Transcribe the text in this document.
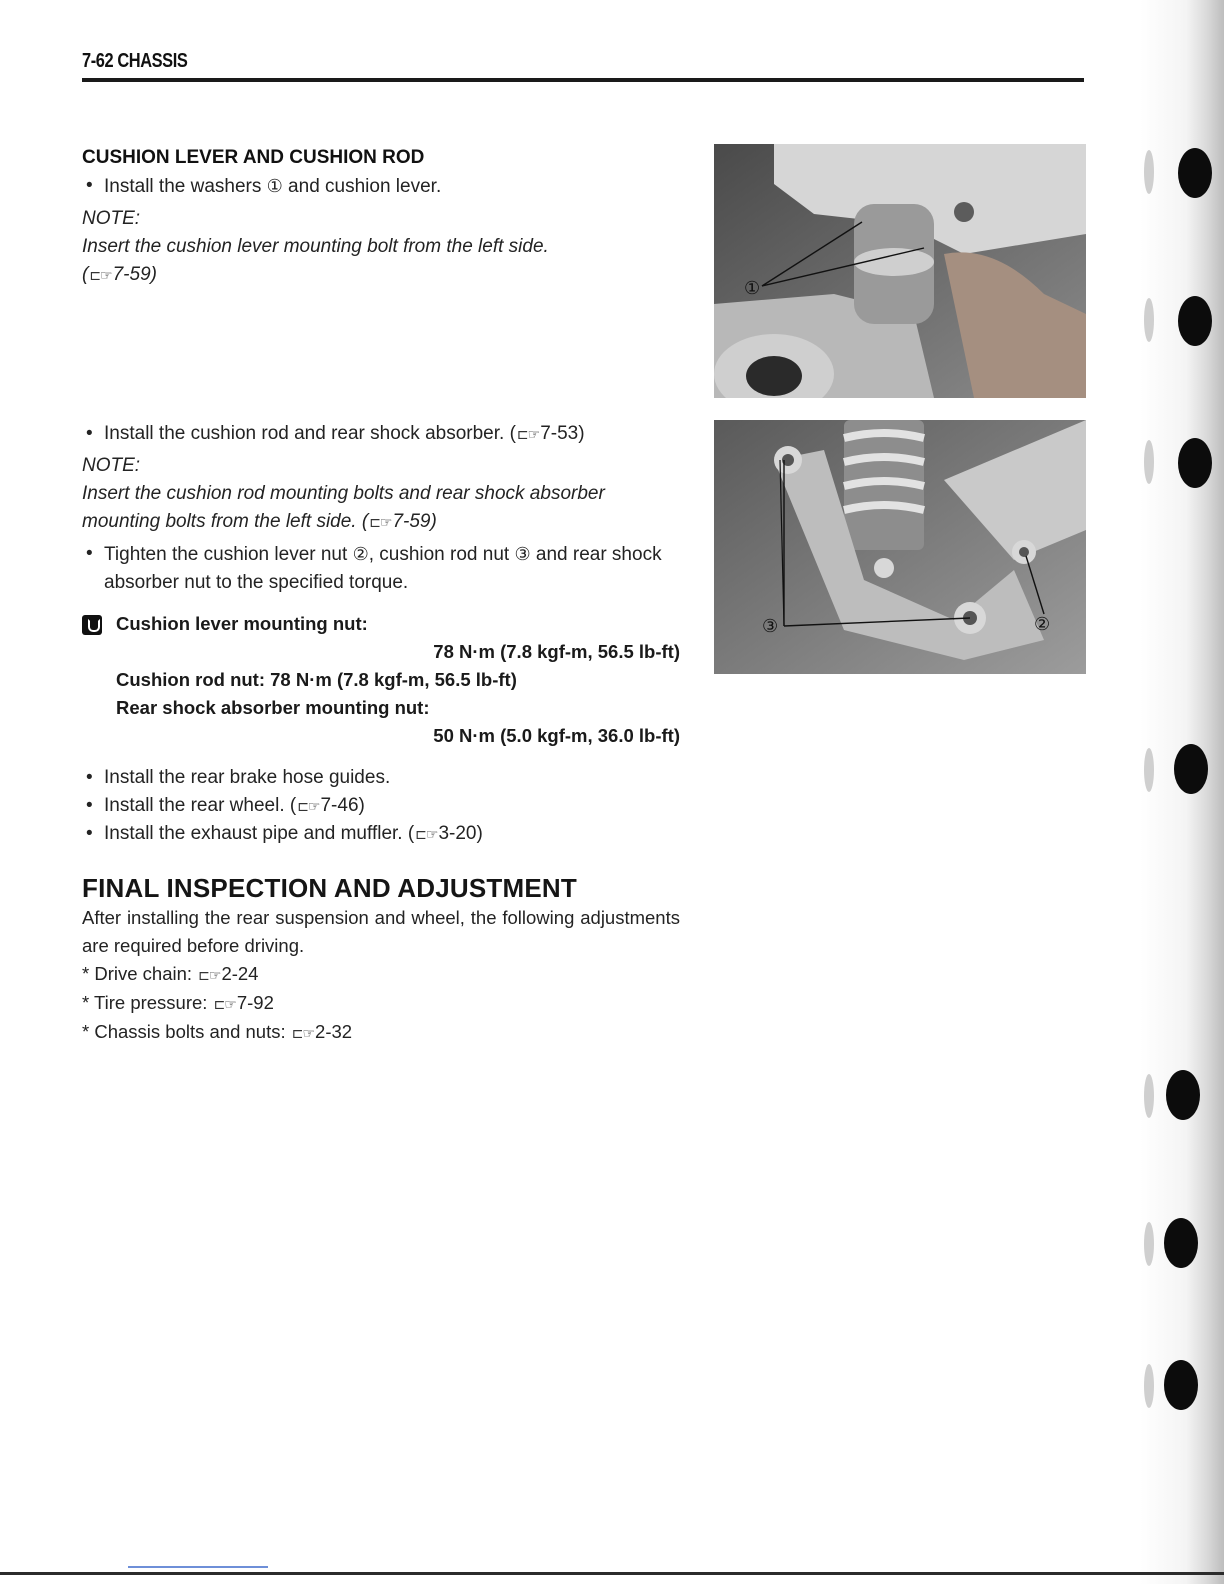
7-62 CHASSIS
CUSHION LEVER AND CUSHION ROD
• Install the washers ① and cushion lever.
NOTE:
Insert the cushion lever mounting bolt from the left side.
(⊏☞7-59)
• Install the cushion rod and rear shock absorber. (⊏☞7-53)
NOTE:
Insert the cushion rod mounting bolts and rear shock absorber mounting bolts from the left side. (⊏☞7-59)
• Tighten the cushion lever nut ②, cushion rod nut ③ and rear shock absorber nut to the specified torque.
Cushion lever mounting nut:
78 N·m (7.8 kgf-m, 56.5 lb-ft)
Cushion rod nut: 78 N·m (7.8 kgf-m, 56.5 lb-ft)
Rear shock absorber mounting nut:
50 N·m (5.0 kgf-m, 36.0 lb-ft)
• Install the rear brake hose guides.
• Install the rear wheel. (⊏☞7-46)
• Install the exhaust pipe and muffler. (⊏☞3-20)
FINAL INSPECTION AND ADJUSTMENT
After installing the rear suspension and wheel, the following adjustments are required before driving.
* Drive chain: ⊏☞2-24
* Tire pressure: ⊏☞7-92
* Chassis bolts and nuts: ⊏☞2-32
①
③	②
